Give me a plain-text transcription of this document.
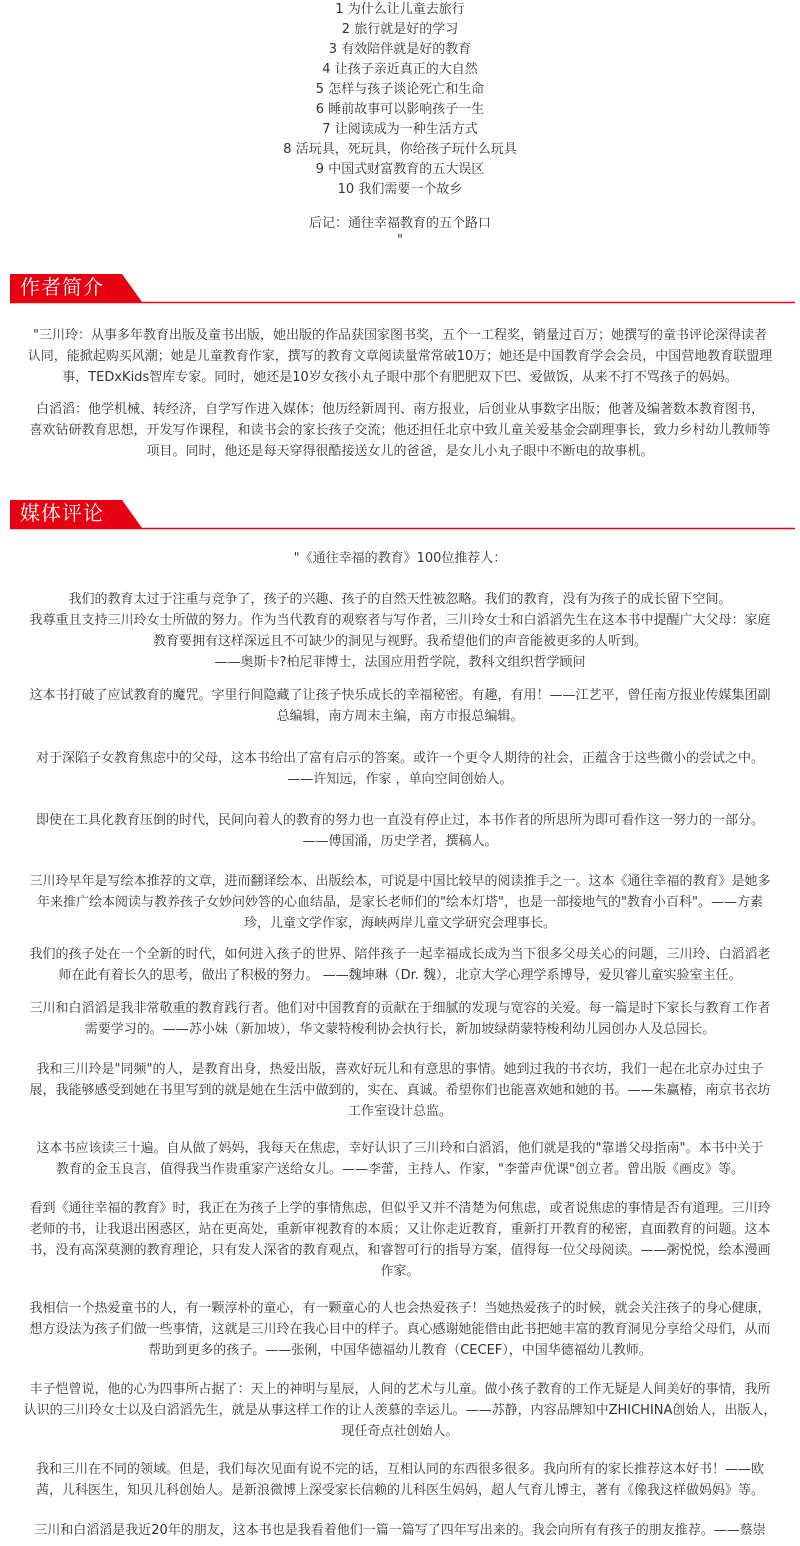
1 为什么让儿童去旅行
2 旅行就是好的学习
3 有效陪伴就是好的教育
4 让孩子亲近真正的大自然
5 怎样与孩子谈论死亡和生命
6 睡前故事可以影响孩子一生
7 让阅读成为一种生活方式
8 活玩具，死玩具，你给孩子玩什么玩具
9 中国式财富教育的五大误区
10 我们需要一个故乡
后记：通往幸福教育的五个路口
"
作者简介
"三川玲：从事多年教育出版及童书出版，她出版的作品获国家图书奖，五个一工程奖，销量过百万；她撰写的童书评论深得读者
认同，能掀起购买风潮；她是儿童教育作家，撰写的教育文章阅读量常常破10万；她还是中国教育学会会员，中国营地教育联盟理
事，TEDxKids智库专家。同时，她还是10岁女孩小丸子眼中那个有肥肥双下巴、爱做饭，从来不打不骂孩子的妈妈。
白滔滔：他学机械、转经济，自学写作进入媒体；他历经新周刊、南方报业，后创业从事数字出版；他著及编著数本教育图书，
喜欢钻研教育思想，开发写作课程，和读书会的家长孩子交流；他还担任北京中致儿童关爱基金会副理事长，致力乡村幼儿教师等
项目。同时，他还是每天穿得很酷接送女儿的爸爸，是女儿小丸子眼中不断电的故事机。
媒体评论
"《通往幸福的教育》100位推荐人：
我们的教育太过于注重与竞争了，孩子的兴趣、孩子的自然天性被忽略。我们的教育，没有为孩子的成长留下空间。
我尊重且支持三川玲女士所做的努力。作为当代教育的观察者与写作者，三川玲女士和白滔滔先生在这本书中提醒广大父母：家庭
教育要拥有这样深远且不可缺少的洞见与视野。我希望他们的声音能被更多的人听到。
——奥斯卡?柏尼菲博士，法国应用哲学院，教科文组织哲学顾问
这本书打破了应试教育的魔咒。字里行间隐藏了让孩子快乐成长的幸福秘密。有趣，有用！——江艺平，曾任南方报业传媒集团副
总编辑，南方周末主编，南方市报总编辑。
对于深陷子女教育焦虑中的父母，这本书给出了富有启示的答案。或许一个更令人期待的社会，正蕴含于这些微小的尝试之中。
——许知远，作家 ，单向空间创始人。
即使在工具化教育压倒的时代，民间向着人的教育的努力也一直没有停止过，本书作者的所思所为即可看作这一努力的一部分。
——傅国涌，历史学者，撰稿人。
三川玲早年是写绘本推荐的文章，进而翻译绘本、出版绘本，可说是中国比较早的阅读推手之一。这本《通往幸福的教育》是她多
年来推广绘本阅读与教养孩子女妙问妙答的心血结晶，是家长老师们的"绘本灯塔"，也是一部接地气的"教育小百科"。——方素
珍，儿童文学作家，海峡两岸儿童文学研究会理事长。
我们的孩子处在一个全新的时代，如何进入孩子的世界、陪伴孩子一起幸福成长成为当下很多父母关心的问题，三川玲、白滔滔老
师在此有着长久的思考，做出了积极的努力。 ——魏坤琳（Dr. 魏），北京大学心理学系博导，爱贝睿儿童实验室主任。
三川和白滔滔是我非常敬重的教育践行者。他们对中国教育的贡献在于细腻的发现与宽容的关爱。每一篇是时下家长与教育工作者
需要学习的。——苏小妹（新加坡），华文蒙特梭利协会执行长，新加坡绿荫蒙特梭利幼儿园创办人及总园长。
我和三川玲是"同频"的人，是教育出身，热爱出版，喜欢好玩儿和有意思的事情。她到过我的书衣坊，我们一起在北京办过虫子
展，我能够感受到她在书里写到的就是她在生活中做到的，实在、真诚。希望你们也能喜欢她和她的书。——朱赢椿，南京书衣坊
工作室设计总监。
这本书应该读三十遍。自从做了妈妈，我每天在焦虑，幸好认识了三川玲和白滔滔，他们就是我的"靠谱父母指南"。本书中关于
教育的金玉良言，值得我当作贵重家产送给女儿。——李蕾，主持人、作家，"李蕾声优课"创立者。曾出版《画皮》等。
看到《通往幸福的教育》时，我正在为孩子上学的事情焦虑，但似乎又并不清楚为何焦虑，或者说焦虑的事情是否有道理。三川玲
老师的书，让我退出困惑区，站在更高处，重新审视教育的本质；又让你走近教育，重新打开教育的秘密，直面教育的问题。这本
书，没有高深莫测的教育理论，只有发人深省的教育观点，和睿智可行的指导方案，值得每一位父母阅读。——粥悦悦，绘本漫画
作家。
我相信一个热爱童书的人，有一颗淳朴的童心，有一颗童心的人也会热爱孩子！当她热爱孩子的时候，就会关注孩子的身心健康，
想方设法为孩子们做一些事情，这就是三川玲在我心目中的样子。真心感谢她能借由此书把她丰富的教育洞见分享给父母们，从而
帮助到更多的孩子。——张俐，中国华德福幼儿教育（CECEF），中国华德福幼儿教师。
丰子恺曾说，他的心为四事所占据了：天上的神明与星辰，人间的艺术与儿童。做小孩子教育的工作无疑是人间美好的事情，我所
认识的三川玲女士以及白滔滔先生，就是从事这样工作的让人羡慕的幸运儿。——苏静，内容品牌知中ZHICHINA创始人，出版人，
现任奇点社创始人。
我和三川在不同的领域。但是，我们每次见面有说不完的话，互相认同的东西很多很多。我向所有的家长推荐这本好书！——欧
茜，儿科医生，知贝儿科创始人。是新浪微博上深受家长信赖的儿科医生妈妈，超人气育儿博主，著有《像我这样做妈妈》等。
三川和白滔滔是我近20年的朋友，这本书也是我看着他们一篇一篇写了四年写出来的。我会向所有有孩子的朋友推荐。——蔡崇
